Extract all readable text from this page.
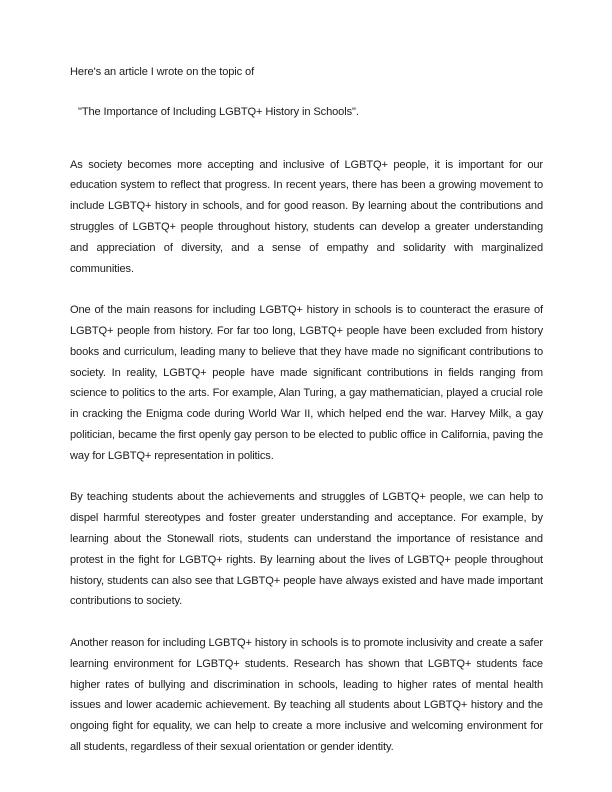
Here's an article I wrote on the topic of
"The Importance of Including LGBTQ+ History in Schools".

As society becomes more accepting and inclusive of LGBTQ+ people, it is important for our education system to reflect that progress. In recent years, there has been a growing movement to include LGBTQ+ history in schools, and for good reason. By learning about the contributions and struggles of LGBTQ+ people throughout history, students can develop a greater understanding and appreciation of diversity, and a sense of empathy and solidarity with marginalized communities.

One of the main reasons for including LGBTQ+ history in schools is to counteract the erasure of LGBTQ+ people from history. For far too long, LGBTQ+ people have been excluded from history books and curriculum, leading many to believe that they have made no significant contributions to society. In reality, LGBTQ+ people have made significant contributions in fields ranging from science to politics to the arts. For example, Alan Turing, a gay mathematician, played a crucial role in cracking the Enigma code during World War II, which helped end the war. Harvey Milk, a gay politician, became the first openly gay person to be elected to public office in California, paving the way for LGBTQ+ representation in politics.

By teaching students about the achievements and struggles of LGBTQ+ people, we can help to dispel harmful stereotypes and foster greater understanding and acceptance. For example, by learning about the Stonewall riots, students can understand the importance of resistance and protest in the fight for LGBTQ+ rights. By learning about the lives of LGBTQ+ people throughout history, students can also see that LGBTQ+ people have always existed and have made important contributions to society.

Another reason for including LGBTQ+ history in schools is to promote inclusivity and create a safer learning environment for LGBTQ+ students. Research has shown that LGBTQ+ students face higher rates of bullying and discrimination in schools, leading to higher rates of mental health issues and lower academic achievement. By teaching all students about LGBTQ+ history and the ongoing fight for equality, we can help to create a more inclusive and welcoming environment for all students, regardless of their sexual orientation or gender identity.
